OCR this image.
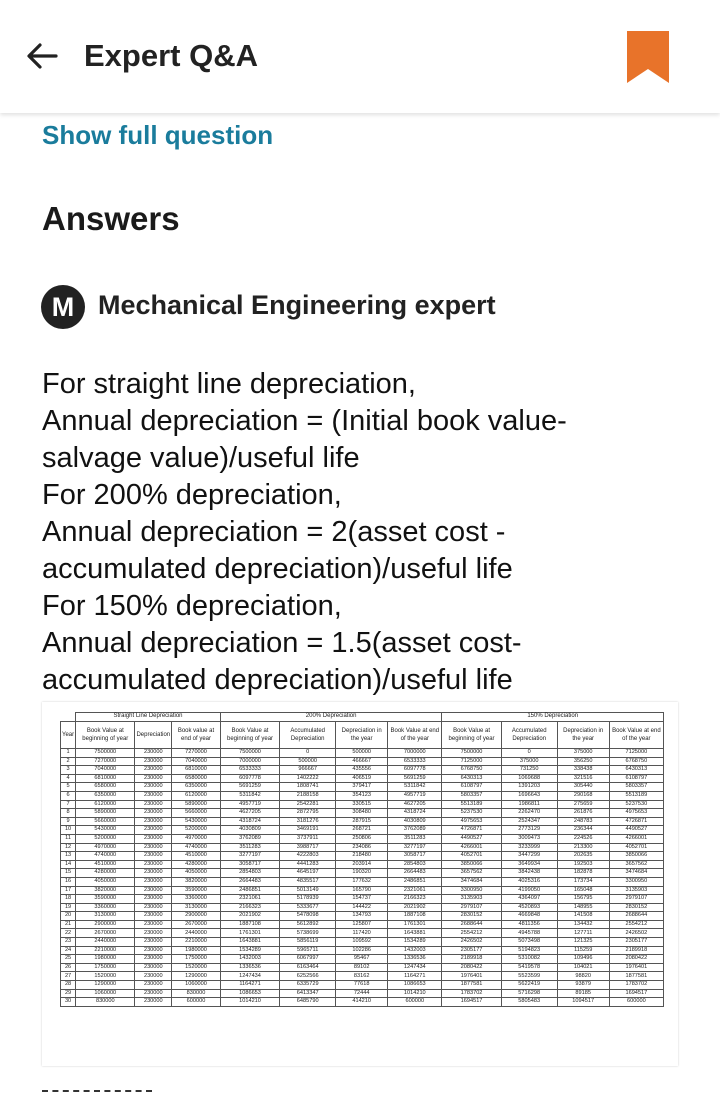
Expert Q&A
Show full question
Answers
M Mechanical Engineering expert
For straight line depreciation,
Annual depreciation = (Initial book value-
salvage value)/useful life
For 200% depreciation,
Annual depreciation = 2(asset cost -
accumulated depreciation)/useful life
For 150% depreciation,
Annual depreciation = 1.5(asset cost-
accumulated depreciation)/useful life
	Straight Line Depreciation			200% Depreciation				150% Depreciation			
Year	Book Value at beginning of year	Depreciation	Book value at end of year	Book Value at beginning of year	Accumulated Depreciation	Depreciation in the year	Book Value at end of the year	Book Value at beginning of year	Accumulated Depreciation	Depreciation in the year	Book Value at end of the year
1	7500000	230000	7270000	7500000	0	500000	7000000	7500000	0	375000	7125000
2	7270000	230000	7040000	7000000	500000	466667	6533333	7125000	375000	356250	6768750
3	7040000	230000	6810000	6533333	966667	435556	6097778	6768750	731250	338438	6430313
4	6810000	230000	6580000	6097778	1402222	406519	5691259	6430313	1069688	321516	6108797
5	6580000	230000	6350000	5691259	1808741	379417	5311842	6108797	1391203	305440	5803357
6	6350000	230000	6120000	5311842	2188158	354123	4957719	5803357	1696643	290168	5513189
7	6120000	230000	5890000	4957719	2542281	330515	4627205	5513189	1986811	275659	5237530
8	5890000	230000	5660000	4627205	2872795	308480	4318724	5237530	2262470	261876	4975653
9	5660000	230000	5430000	4318724	3181276	287915	4030809	4975653	2524347	248783	4726871
10	5430000	230000	5200000	4030809	3469191	268721	3762089	4726871	2773129	236344	4490527
11	5200000	230000	4970000	3762089	3737911	250806	3511283	4490527	3009473	224526	4266001
12	4970000	230000	4740000	3511283	3988717	234086	3277197	4266001	3233999	213300	4052701
13	4740000	230000	4510000	3277197	4222803	218480	3058717	4052701	3447299	202635	3850066
14	4510000	230000	4280000	3058717	4441283	203914	2854803	3850066	3649934	192503	3657562
15	4280000	230000	4050000	2854803	4645197	190320	2664483	3657562	3842438	182878	3474684
16	4050000	230000	3820000	2664483	4835517	177632	2486851	3474684	4025316	173734	3300950
17	3820000	230000	3590000	2486851	5013149	165790	2321061	3300950	4199050	165048	3135903
18	3590000	230000	3360000	2321061	5178939	154737	2166323	3135903	4364097	156795	2979107
19	3360000	230000	3130000	2166323	5333677	144422	2021902	2979107	4520893	148955	2830152
20	3130000	230000	2900000	2021902	5478098	134793	1887108	2830152	4669848	141508	2688644
21	2900000	230000	2670000	1887108	5612892	125807	1761301	2688644	4811356	134432	2554212
22	2670000	230000	2440000	1761301	5738699	117420	1643881	2554212	4945788	127711	2426502
23	2440000	230000	2210000	1643881	5856119	109592	1534289	2426502	5073498	121325	2305177
24	2210000	230000	1980000	1534289	5965711	102286	1432003	2305177	5194823	115259	2189918
25	1980000	230000	1750000	1432003	6067997	95467	1336536	2189918	5310082	109496	2080422
26	1750000	230000	1520000	1336536	6163464	89102	1247434	2080422	5419578	104021	1976401
27	1520000	230000	1290000	1247434	6252566	83162	1164271	1976401	5523599	98820	1877581
28	1290000	230000	1060000	1164271	6335729	77618	1086653	1877581	5622419	93879	1783702
29	1060000	230000	830000	1086653	6413347	72444	1014210	1783702	5716298	89185	1694517
30	830000	230000	600000	1014210	6485790	414210	600000	1694517	5805483	1094517	600000
